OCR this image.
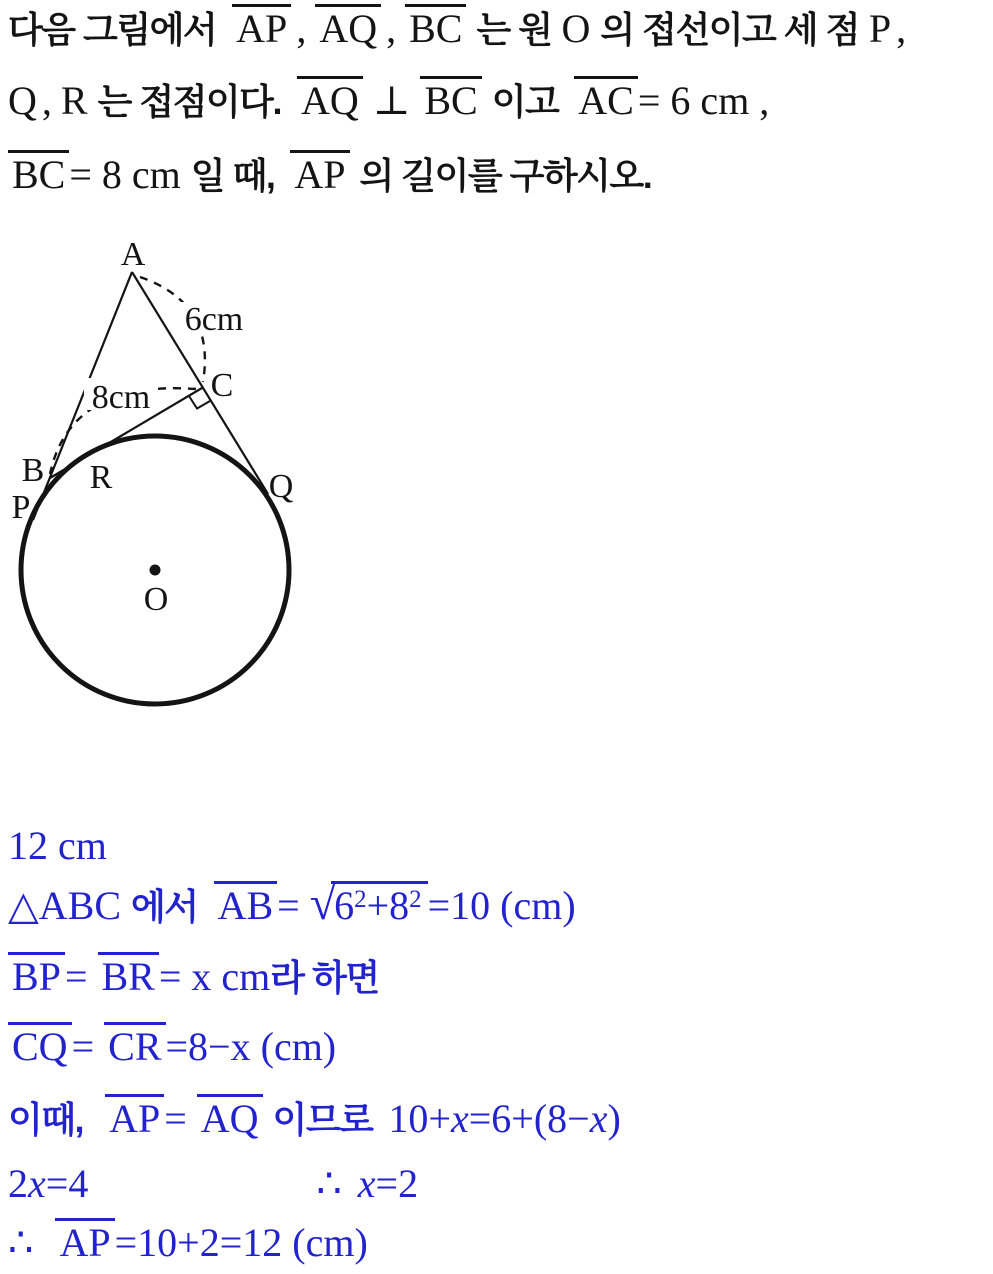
다음 그림에서 AP , AQ , BC 는 원 O 의 접선이고 세 점 P ,
Q , R 는 접점이다. AQ ⊥ BC 이고 AC = 6 cm ,
BC = 8 cm 일 때, AP 의 길이를 구하시오.
A
6cm
C
8cm
B R	Q
P
O
12 cm
△ABC 에서 AB = $√6^2+8^2 =10$ (cm)
BP = BR = x cm라 하면
CQ = CR =8−x (cm)
이때, AP = AQ 이므로 10+x=6+(8−x)
2x=4	∴ x=2
∴ AP =10+2=12 (cm)
